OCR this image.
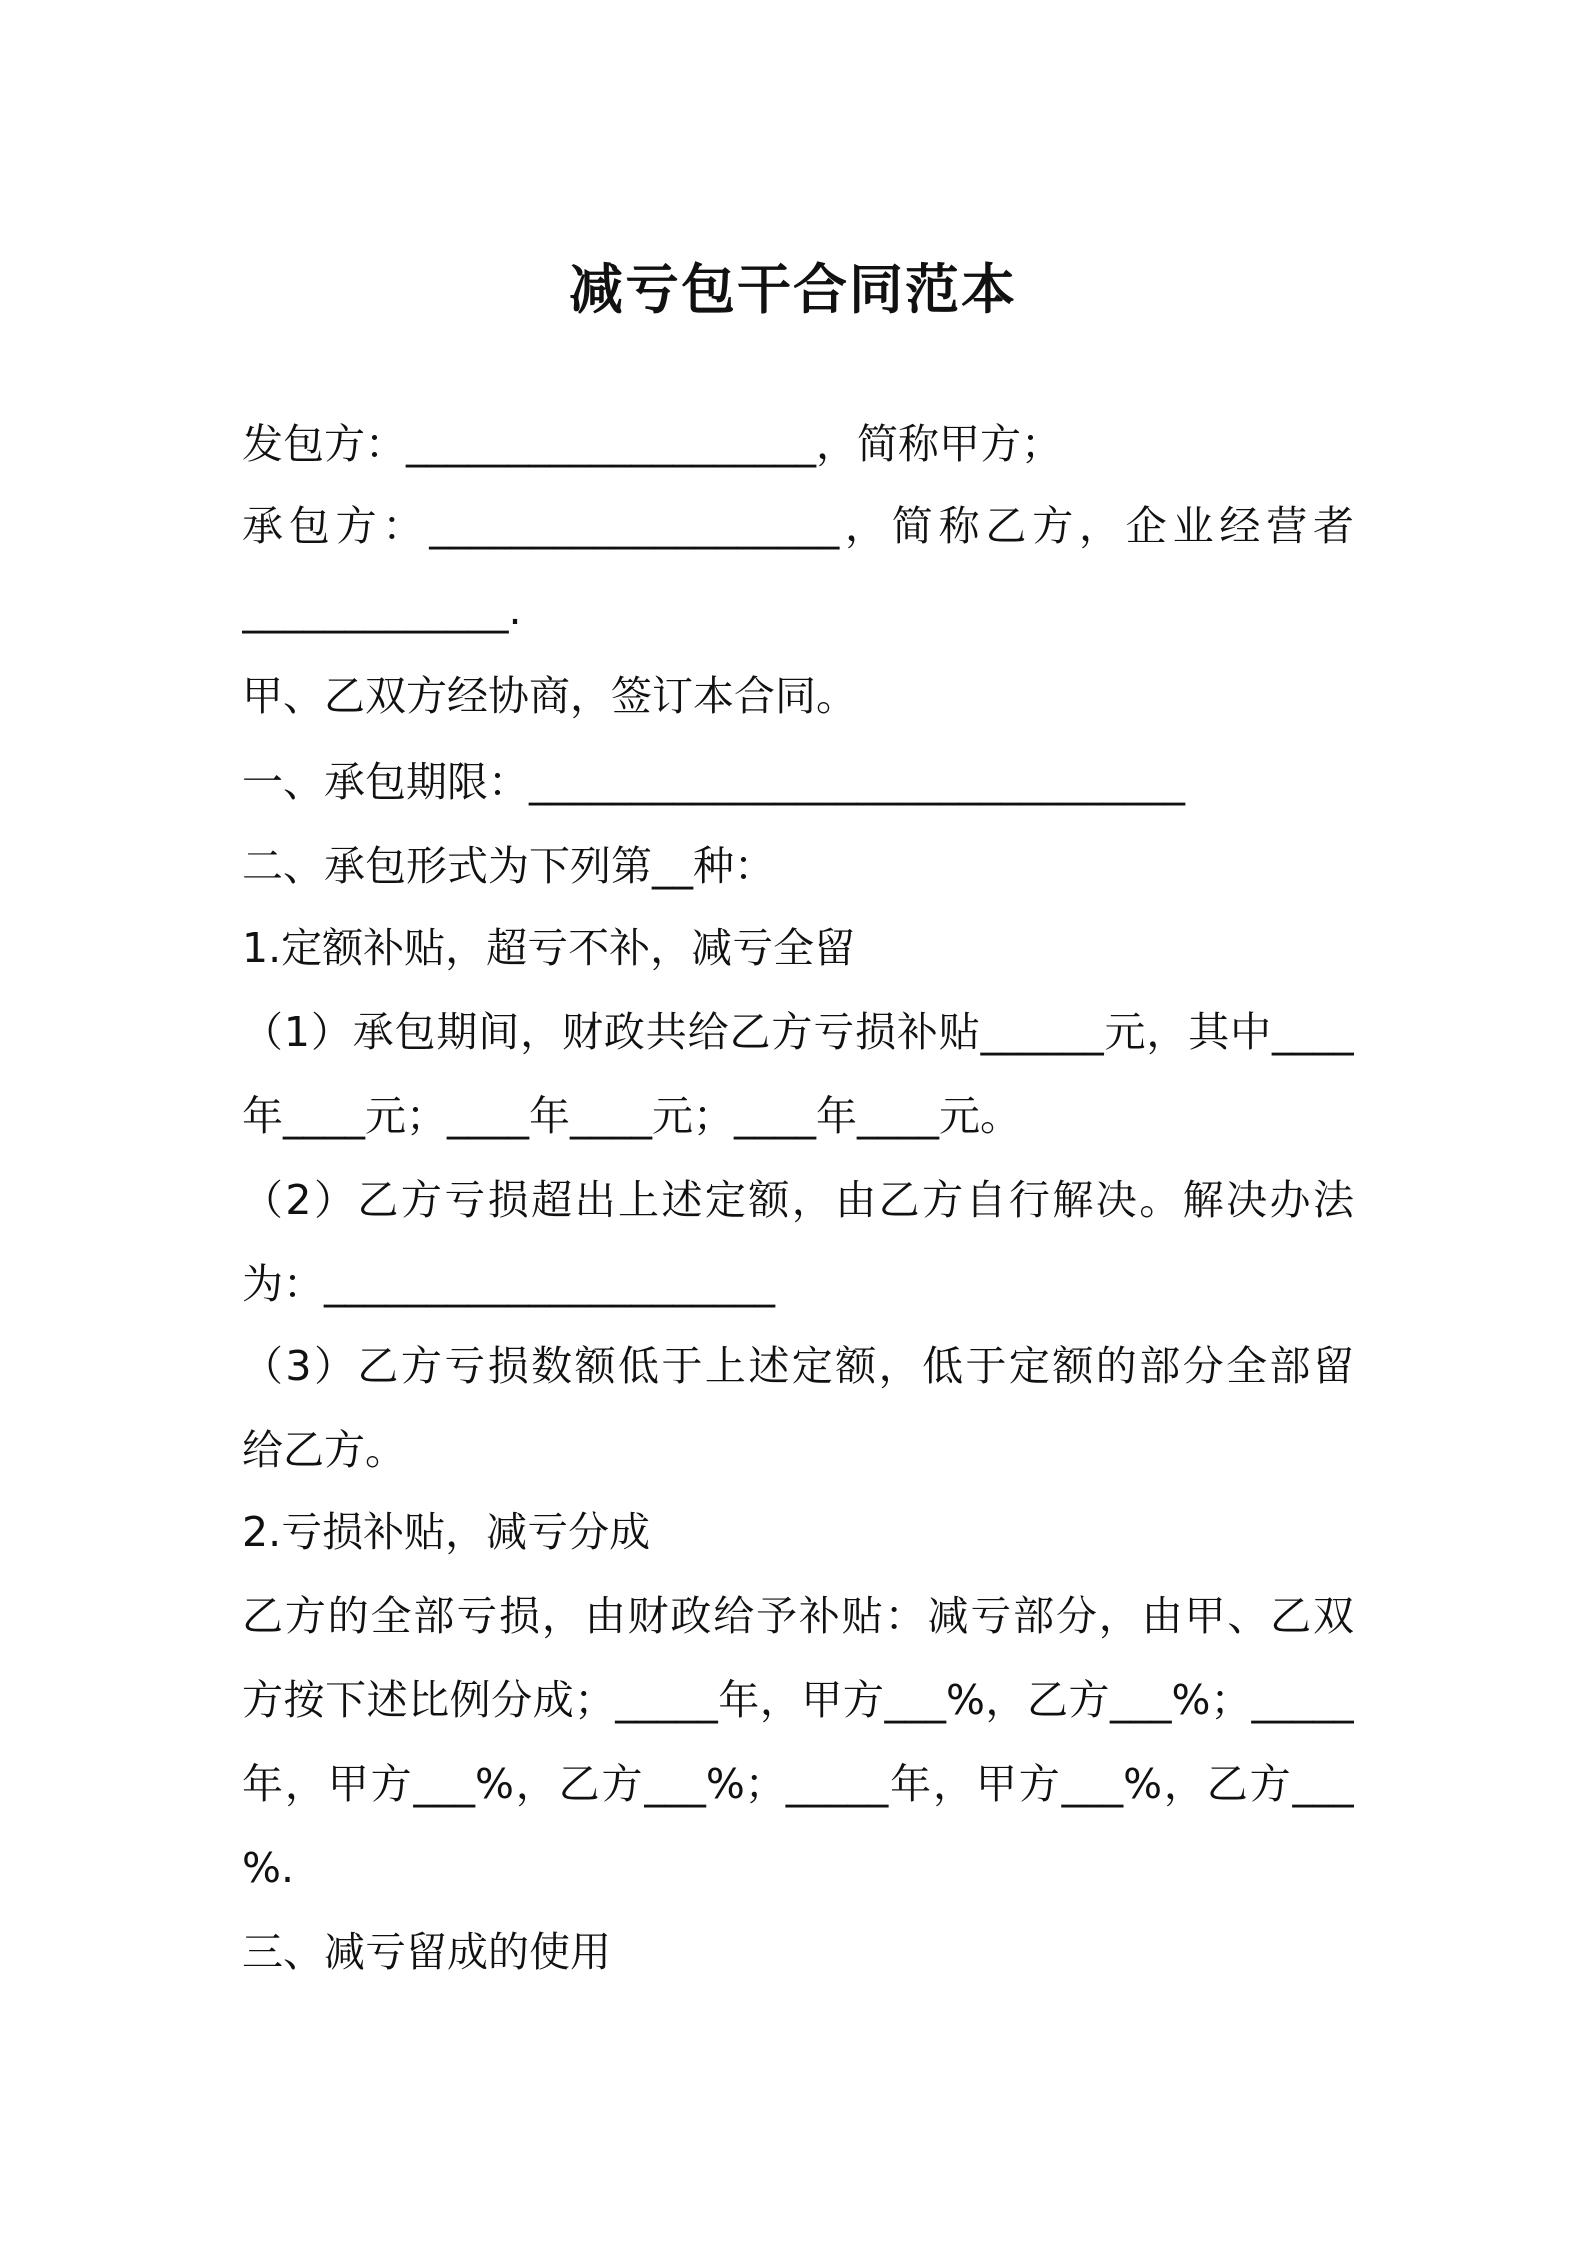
减亏包干合同范本
发包方：____________________，简称甲方；
承包方：____________________，简称乙方，企业经营者
_____________.
甲、乙双方经协商，签订本合同。
一、承包期限：________________________________
二、承包形式为下列第__种：
1.定额补贴，超亏不补，减亏全留
（1）承包期间，财政共给乙方亏损补贴______元，其中____
年____元；____年____元；____年____元。
（2）乙方亏损超出上述定额，由乙方自行解决。解决办法
为：______________________
（3）乙方亏损数额低于上述定额，低于定额的部分全部留
给乙方。
2.亏损补贴，减亏分成
乙方的全部亏损，由财政给予补贴：减亏部分，由甲、乙双
方按下述比例分成；_____年，甲方___%，乙方___%；_____
年，甲方___%，乙方___%；_____年，甲方___%，乙方___
%.
三、减亏留成的使用
